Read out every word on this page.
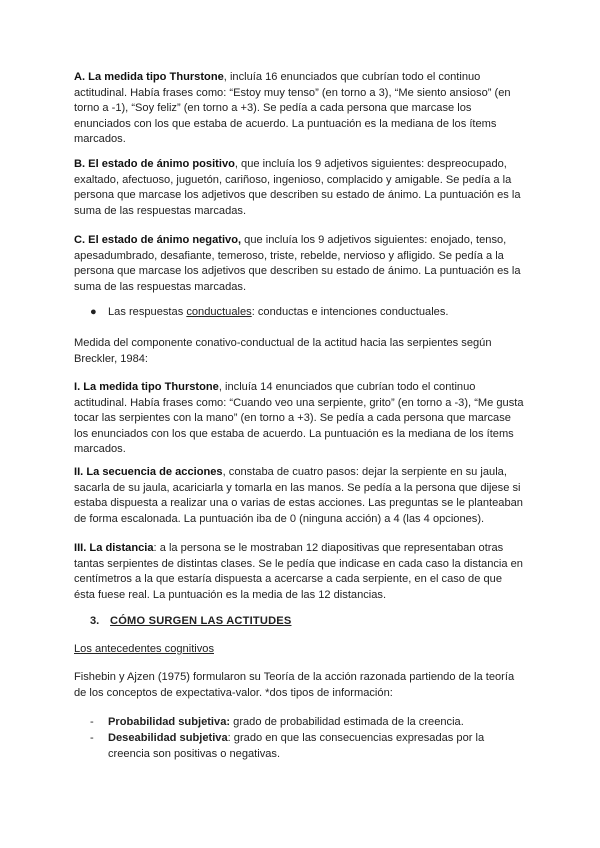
A. La medida tipo Thurstone, incluía 16 enunciados que cubrían todo el continuo actitudinal. Había frases como: “Estoy muy tenso” (en torno a 3), “Me siento ansioso” (en torno a -1), “Soy feliz” (en torno a +3). Se pedía a cada persona que marcase los enunciados con los que estaba de acuerdo. La puntuación es la mediana de los ítems marcados.

B. El estado de ánimo positivo, que incluía los 9 adjetivos siguientes: despreocupado, exaltado, afectuoso, juguetón, cariñoso, ingenioso, complacido y amigable. Se pedía a la persona que marcase los adjetivos que describen su estado de ánimo. La puntuación es la suma de las respuestas marcadas.

C. El estado de ánimo negativo, que incluía los 9 adjetivos siguientes: enojado, tenso, apesadumbrado, desafiante, temeroso, triste, rebelde, nervioso y afligido. Se pedía a la persona que marcase los adjetivos que describen su estado de ánimo. La puntuación es la suma de las respuestas marcadas.

● Las respuestas conductuales: conductas e intenciones conductuales.

Medida del componente conativo-conductual de la actitud hacia las serpientes según Breckler, 1984:

I. La medida tipo Thurstone, incluía 14 enunciados que cubrían todo el continuo actitudinal. Había frases como: “Cuando veo una serpiente, grito” (en torno a -3), “Me gusta tocar las serpientes con la mano” (en torno a +3). Se pedía a cada persona que marcase los enunciados con los que estaba de acuerdo. La puntuación es la mediana de los ítems marcados.

II. La secuencia de acciones, constaba de cuatro pasos: dejar la serpiente en su jaula, sacarla de su jaula, acariciarla y tomarla en las manos. Se pedía a la persona que dijese si estaba dispuesta a realizar una o varias de estas acciones. Las preguntas se le planteaban de forma escalonada. La puntuación iba de 0 (ninguna acción) a 4 (las 4 opciones).

III. La distancia: a la persona se le mostraban 12 diapositivas que representaban otras tantas serpientes de distintas clases. Se le pedía que indicase en cada caso la distancia en centímetros a la que estaría dispuesta a acercarse a cada serpiente, en el caso de que ésta fuese real. La puntuación es la media de las 12 distancias.

3. CÓMO SURGEN LAS ACTITUDES

Los antecedentes cognitivos

Fishebin y Ajzen (1975) formularon su Teoría de la acción razonada partiendo de la teoría de los conceptos de expectativa-valor. *dos tipos de información:

- Probabilidad subjetiva: grado de probabilidad estimada de la creencia.
- Deseabilidad subjetiva: grado en que las consecuencias expresadas por la creencia son positivas o negativas.
